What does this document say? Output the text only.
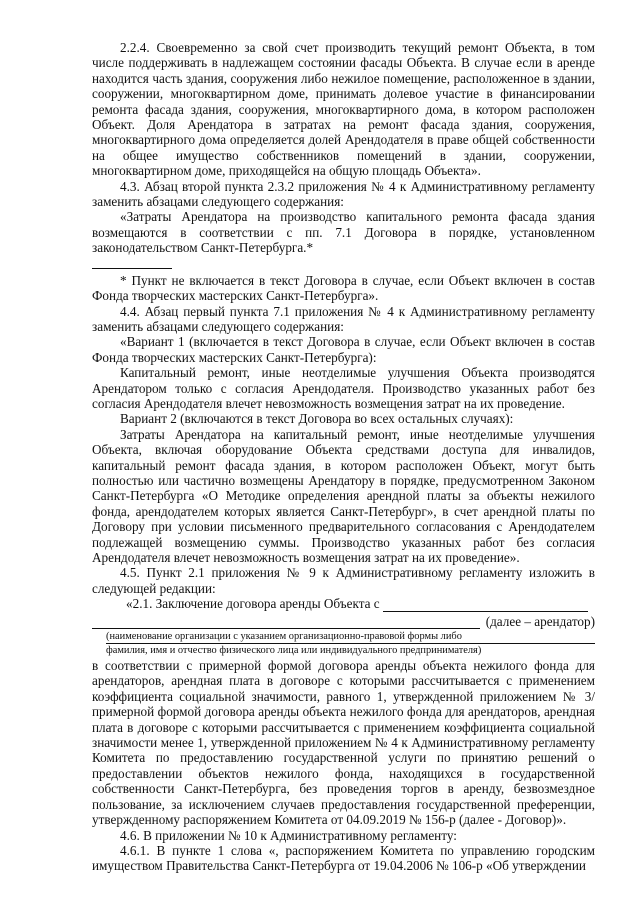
2.2.4. Своевременно за свой счет производить текущий ремонт Объекта, в том числе поддерживать в надлежащем состоянии фасады Объекта. В случае если в аренде находится часть здания, сооружения либо нежилое помещение, расположенное в здании, сооружении, многоквартирном доме, принимать долевое участие в финансировании ремонта фасада здания, сооружения, многоквартирного дома, в котором расположен Объект. Доля Арендатора в затратах на ремонт фасада здания, сооружения, многоквартирного дома определяется долей Арендодателя в праве общей собственности на общее имущество собственников помещений в здании, сооружении, многоквартирном доме, приходящейся на общую площадь Объекта».

4.3. Абзац второй пункта 2.3.2 приложения № 4 к Административному регламенту заменить абзацами следующего содержания:

«Затраты Арендатора на производство капитального ремонта фасада здания возмещаются в соответствии с пп. 7.1 Договора в порядке, установленном законодательством Санкт-Петербурга.*

* Пункт не включается в текст Договора в случае, если Объект включен в состав Фонда творческих мастерских Санкт-Петербурга».

4.4. Абзац первый пункта 7.1 приложения № 4 к Административному регламенту заменить абзацами следующего содержания:

«Вариант 1 (включается в текст Договора в случае, если Объект включен в состав Фонда творческих мастерских Санкт-Петербурга):

Капитальный ремонт, иные неотделимые улучшения Объекта производятся Арендатором только с согласия Арендодателя. Производство указанных работ без согласия Арендодателя влечет невозможность возмещения затрат на их проведение.

Вариант 2 (включаются в текст Договора во всех остальных случаях):

Затраты Арендатора на капитальный ремонт, иные неотделимые улучшения Объекта, включая оборудование Объекта средствами доступа для инвалидов, капитальный ремонт фасада здания, в котором расположен Объект, могут быть полностью или частично возмещены Арендатору в порядке, предусмотренном Законом Санкт-Петербурга «О Методике определения арендной платы за объекты нежилого фонда, арендодателем которых является Санкт-Петербург», в счет арендной платы по Договору при условии письменного предварительного согласования с Арендодателем подлежащей возмещению суммы. Производство указанных работ без согласия Арендодателя влечет невозможность возмещения затрат на их проведение».

4.5. Пункт 2.1 приложения № 9 к Административному регламенту изложить в следующей редакции:

«2.1. Заключение договора аренды Объекта с

(далее – арендатор)
(наименование организации с указанием организационно-правовой формы либо
фамилия, имя и отчество физического лица или индивидуального предпринимателя)

в соответствии с примерной формой договора аренды объекта нежилого фонда для арендаторов, арендная плата в договоре с которыми рассчитывается с применением коэффициента социальной значимости, равного 1, утвержденной приложением № 3/ примерной формой договора аренды объекта нежилого фонда для арендаторов, арендная плата в договоре с которыми рассчитывается с применением коэффициента социальной значимости менее 1, утвержденной приложением № 4 к Административному регламенту Комитета по предоставлению государственной услуги по принятию решений о предоставлении объектов нежилого фонда, находящихся в государственной собственности Санкт-Петербурга, без проведения торгов в аренду, безвозмездное пользование, за исключением случаев предоставления государственной преференции, утвержденному распоряжением Комитета от 04.09.2019 № 156-р (далее - Договор)».

4.6. В приложении № 10 к Административному регламенту:

4.6.1. В пункте 1 слова «, распоряжением Комитета по управлению городским имуществом Правительства Санкт-Петербурга от 19.04.2006 № 106-р «Об утверждении
